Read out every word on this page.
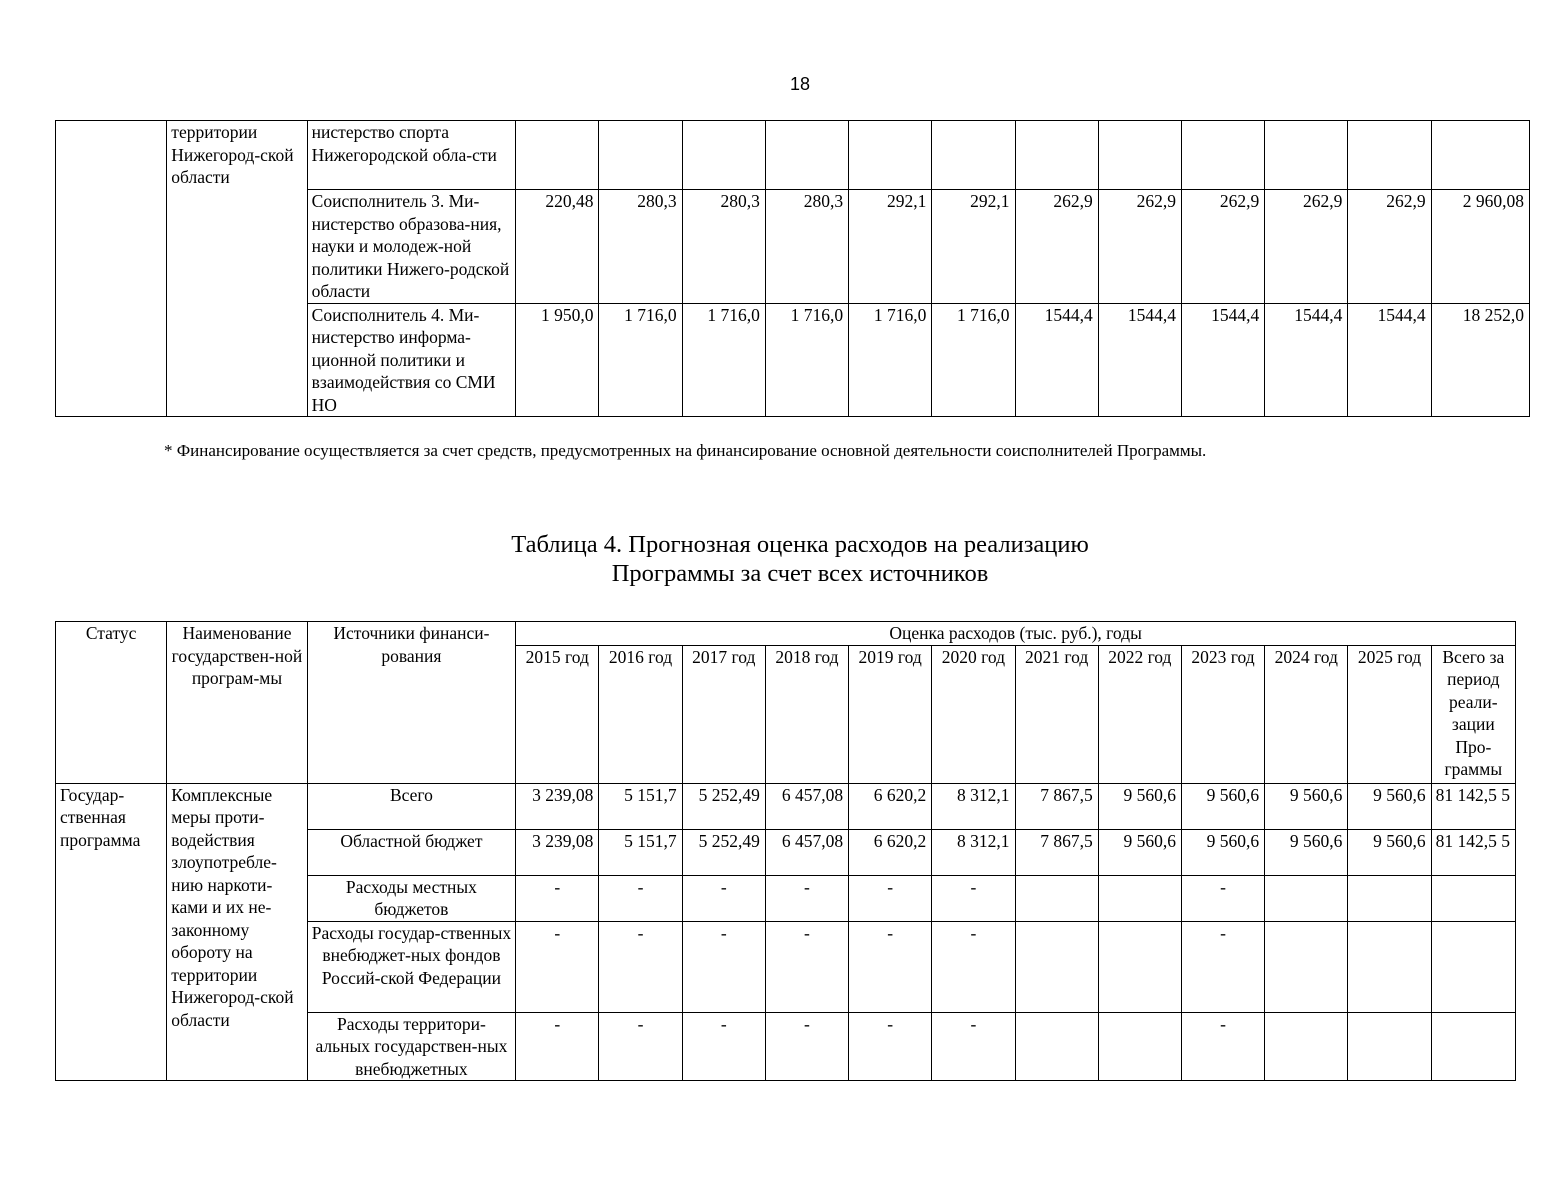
18
	территории Нижегород-ской области	нистерство спорта Нижегородской обла-сти												
		Соисполнитель 3. Ми-нистерство образова-ния, науки и молодеж-ной политики Нижего-родской области	220,48	280,3	280,3	280,3	292,1	292,1	262,9	262,9	262,9	262,9	262,9	2 960,08
		Соисполнитель 4. Ми-нистерство информа-ционной политики и взаимодействия со СМИ НО	1 950,0	1 716,0	1 716,0	1 716,0	1 716,0	1 716,0	1544,4	1544,4	1544,4	1544,4	1544,4	18 252,0
* Финансирование осуществляется за счет средств, предусмотренных на финансирование основной деятельности соисполнителей Программы.
Таблица 4. Прогнозная оценка расходов на реализацию
Программы за счет всех источников
Статус	Наименование государствен-ной програм-мы	Источники финанси-рования	Оценка расходов (тыс. руб.), годы											
			2015 год	2016 год	2017 год	2018 год	2019 год	2020 год	2021 год	2022 год	2023 год	2024 год	2025 год	Всего за период реали-зации Про-граммы
Государ-ственная программа	Комплексные меры проти-водействия злоупотребле-нию наркоти-ками и их не-законному обороту на территории Нижегород-ской области	Всего	3 239,08	5 151,7	5 252,49	6 457,08	6 620,2	8 312,1	7 867,5	9 560,6	9 560,6	9 560,6	9 560,6	81 142,5 5
		Областной бюджет	3 239,08	5 151,7	5 252,49	6 457,08	6 620,2	8 312,1	7 867,5	9 560,6	9 560,6	9 560,6	9 560,6	81 142,5 5
		Расходы местных бюджетов	-	-	-	-	-	-			-			
		Расходы государ-ственных внебюджет-ных фондов Россий-ской Федерации	-	-	-	-	-	-			-			
		Расходы территори-альных государствен-ных внебюджетных	-	-	-	-	-	-			-			
